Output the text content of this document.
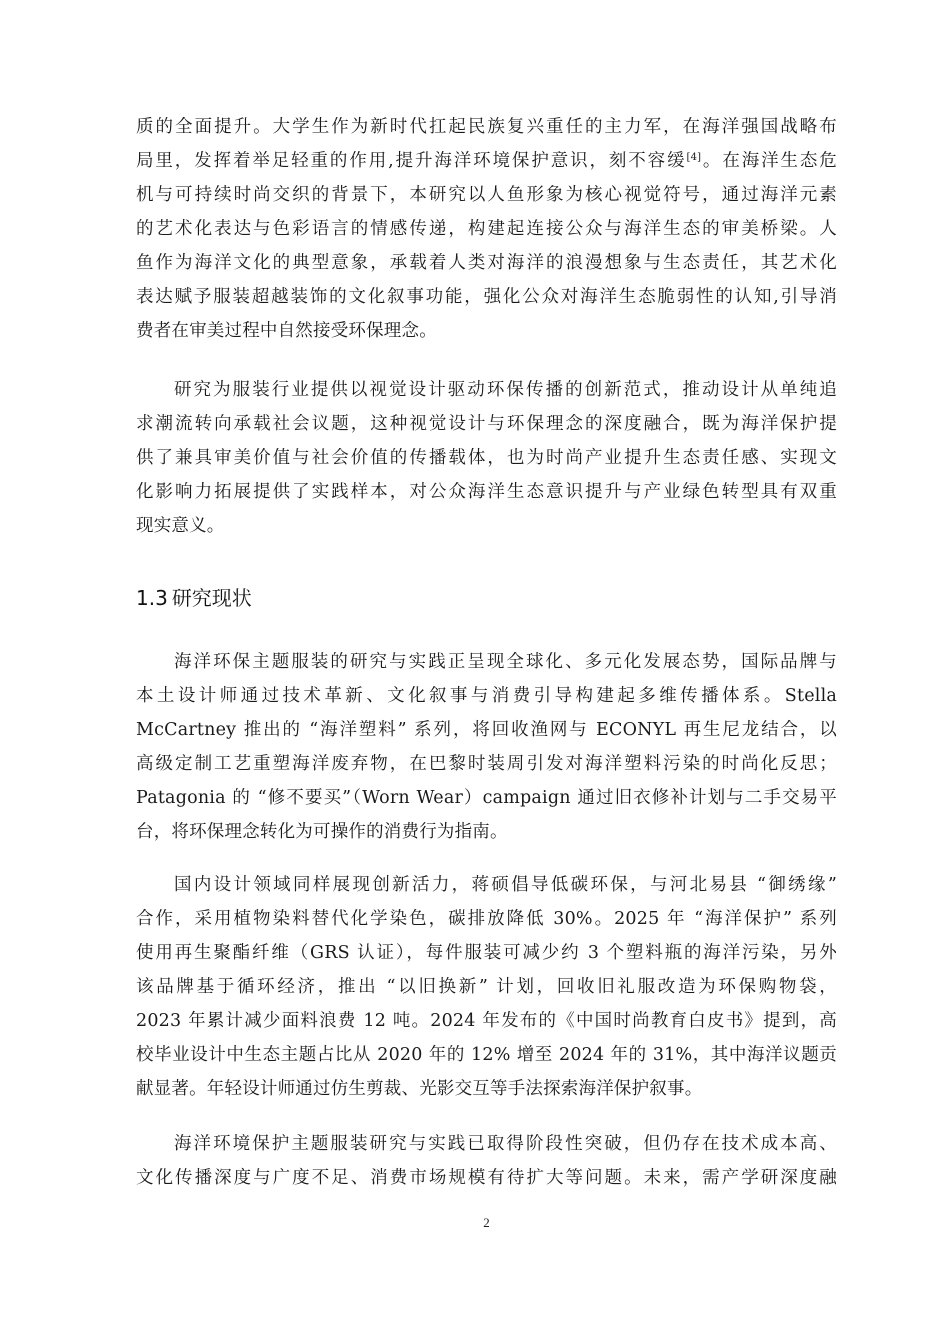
质的全面提升。大学生作为新时代扛起民族复兴重任的主力军，在海洋强国战略布
局里，发挥着举足轻重的作用,提升海洋环境保护意识，刻不容缓[4]。在海洋生态危
机与可持续时尚交织的背景下，本研究以人鱼形象为核心视觉符号，通过海洋元素
的艺术化表达与色彩语言的情感传递，构建起连接公众与海洋生态的审美桥梁。人
鱼作为海洋文化的典型意象，承载着人类对海洋的浪漫想象与生态责任，其艺术化
表达赋予服装超越装饰的文化叙事功能，强化公众对海洋生态脆弱性的认知,引导消
费者在审美过程中自然接受环保理念。
研究为服装行业提供以视觉设计驱动环保传播的创新范式，推动设计从单纯追
求潮流转向承载社会议题，这种视觉设计与环保理念的深度融合，既为海洋保护提
供了兼具审美价值与社会价值的传播载体，也为时尚产业提升生态责任感、实现文
化影响力拓展提供了实践样本，对公众海洋生态意识提升与产业绿色转型具有双重
现实意义。
1.3 研究现状
海洋环保主题服装的研究与实践正呈现全球化、多元化发展态势，国际品牌与
本土设计师通过技术革新、文化叙事与消费引导构建起多维传播体系。Stella
McCartney 推出的 “海洋塑料” 系列，将回收渔网与 ECONYL 再生尼龙结合，以
高级定制工艺重塑海洋废弃物，在巴黎时装周引发对海洋塑料污染的时尚化反思；
Patagonia 的 “修不要买”（Worn Wear）campaign 通过旧衣修补计划与二手交易平
台，将环保理念转化为可操作的消费行为指南。
国内设计领域同样展现创新活力，蒋硕倡导低碳环保，与河北易县 “御绣缘”
合作，采用植物染料替代化学染色，碳排放降低 30%。2025 年 “海洋保护” 系列
使用再生聚酯纤维（GRS 认证），每件服装可减少约 3 个塑料瓶的海洋污染，另外
该品牌基于循环经济，推出 “以旧换新” 计划，回收旧礼服改造为环保购物袋，
2023 年累计减少面料浪费 12 吨。2024 年发布的《中国时尚教育白皮书》提到，高
校毕业设计中生态主题占比从 2020 年的 12% 增至 2024 年的 31%，其中海洋议题贡
献显著。年轻设计师通过仿生剪裁、光影交互等手法探索海洋保护叙事。
海洋环境保护主题服装研究与实践已取得阶段性突破，但仍存在技术成本高、
文化传播深度与广度不足、消费市场规模有待扩大等问题。未来，需产学研深度融
2
